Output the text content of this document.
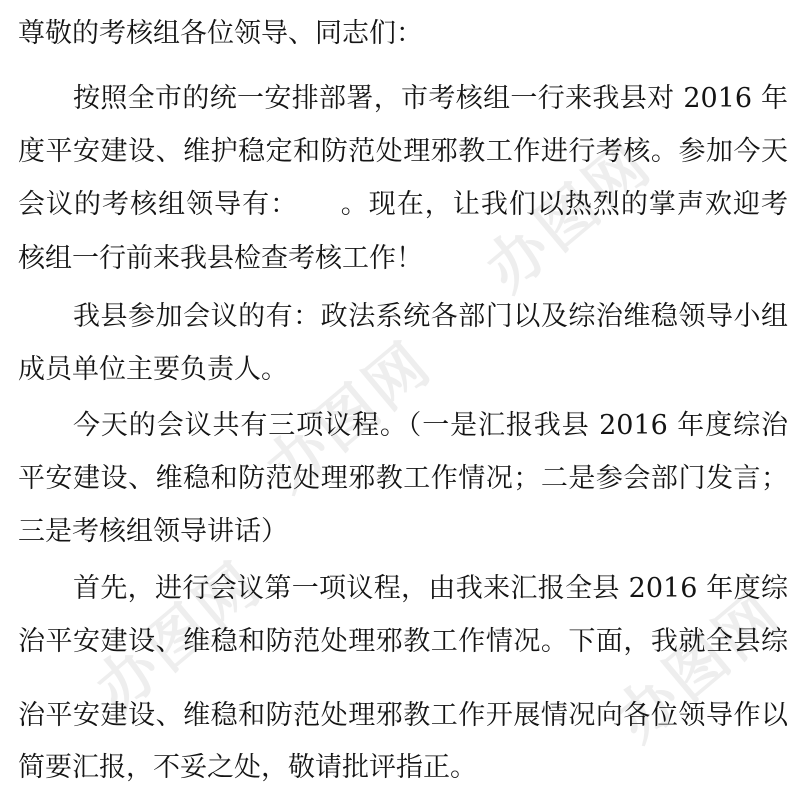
办图网
办图网
办图网	办图网
尊敬的考核组各位领导、同志们：
按照全市的统一安排部署，市考核组一行来我县对 2016 年
度平安建设、维护稳定和防范处理邪教工作进行考核。参加今天
会议的考核组领导有：　　。现在，让我们以热烈的掌声欢迎考
核组一行前来我县检查考核工作！
我县参加会议的有：政法系统各部门以及综治维稳领导小组
成员单位主要负责人。
今天的会议共有三项议程。（一是汇报我县 2016 年度综治
平安建设、维稳和防范处理邪教工作情况；二是参会部门发言；
三是考核组领导讲话）
首先，进行会议第一项议程，由我来汇报全县 2016 年度综
治平安建设、维稳和防范处理邪教工作情况。下面，我就全县综
治平安建设、维稳和防范处理邪教工作开展情况向各位领导作以
简要汇报，不妥之处，敬请批评指正。
